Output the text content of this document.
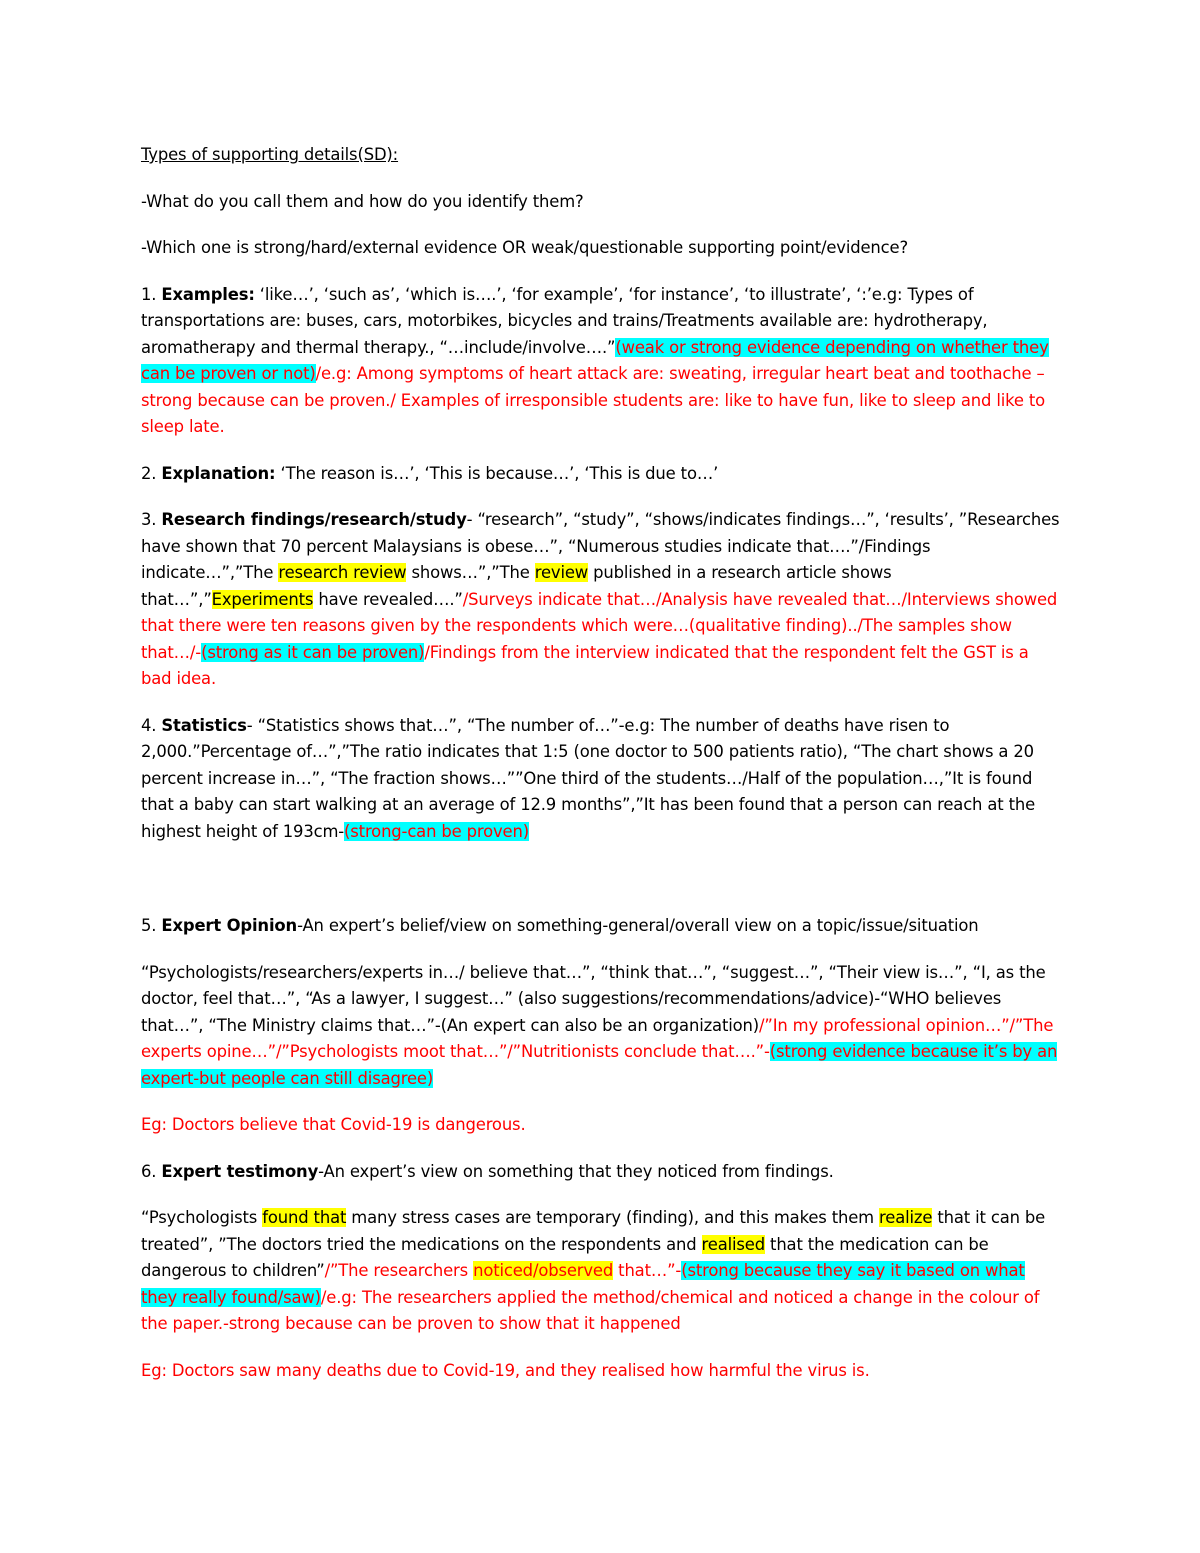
Types of supporting details(SD):

-What do you call them and how do you identify them?

-Which one is strong/hard/external evidence OR weak/questionable supporting point/evidence?

1. Examples: ‘like…’, ‘such as’, ‘which is….’, ‘for example’, ‘for instance’, ‘to illustrate’, ‘:’e.g: Types of transportations are: buses, cars, motorbikes, bicycles and trains/Treatments available are: hydrotherapy, aromatherapy and thermal therapy., “…include/involve….”(weak or strong evidence depending on whether they can be proven or not)/e.g: Among symptoms of heart attack are: sweating, irregular heart beat and toothache –strong because can be proven./ Examples of irresponsible students are: like to have fun, like to sleep and like to sleep late.

2. Explanation: ‘The reason is…’, ‘This is because…’, ‘This is due to…’

3. Research findings/research/study- “research”, “study”, “shows/indicates findings…”, ‘results’, ”Researches have shown that 70 percent Malaysians is obese…”, “Numerous studies indicate that….”/Findings indicate…”,”The research review shows…”,”The review published in a research article shows that…”,”Experiments have revealed….”/Surveys indicate that…/Analysis have revealed that…/Interviews showed that there were ten reasons given by the respondents which were…(qualitative finding)../The samples show that…/-(strong as it can be proven)/Findings from the interview indicated that the respondent felt the GST is a bad idea.

4. Statistics- “Statistics shows that…”, “The number of…”-e.g: The number of deaths have risen to 2,000.”Percentage of…”,”The ratio indicates that 1:5 (one doctor to 500 patients ratio), “The chart shows a 20 percent increase in…”, “The fraction shows…””One third of the students…/Half of the population…,”It is found that a baby can start walking at an average of 12.9 months”,”It has been found that a person can reach at the highest height of 193cm-(strong-can be proven)

5. Expert Opinion-An expert’s belief/view on something-general/overall view on a topic/issue/situation

“Psychologists/researchers/experts in…/ believe that…”, “think that…”, “suggest…”, “Their view is…”, “I, as the doctor, feel that…”, “As a lawyer, I suggest…” (also suggestions/recommendations/advice)-“WHO believes that…”, “The Ministry claims that…”-(An expert can also be an organization)/”In my professional opinion…”/”The experts opine…”/”Psychologists moot that…”/”Nutritionists conclude that….”-(strong evidence because it’s by an expert-but people can still disagree)

Eg: Doctors believe that Covid-19 is dangerous.

6. Expert testimony-An expert’s view on something that they noticed from findings.

“Psychologists found that many stress cases are temporary (finding), and this makes them realize that it can be treated”, ”The doctors tried the medications on the respondents and realised that the medication can be dangerous to children”/”The researchers noticed/observed that…”-(strong because they say it based on what they really found/saw)/e.g: The researchers applied the method/chemical and noticed a change in the colour of the paper.-strong because can be proven to show that it happened

Eg: Doctors saw many deaths due to Covid-19, and they realised how harmful the virus is.
